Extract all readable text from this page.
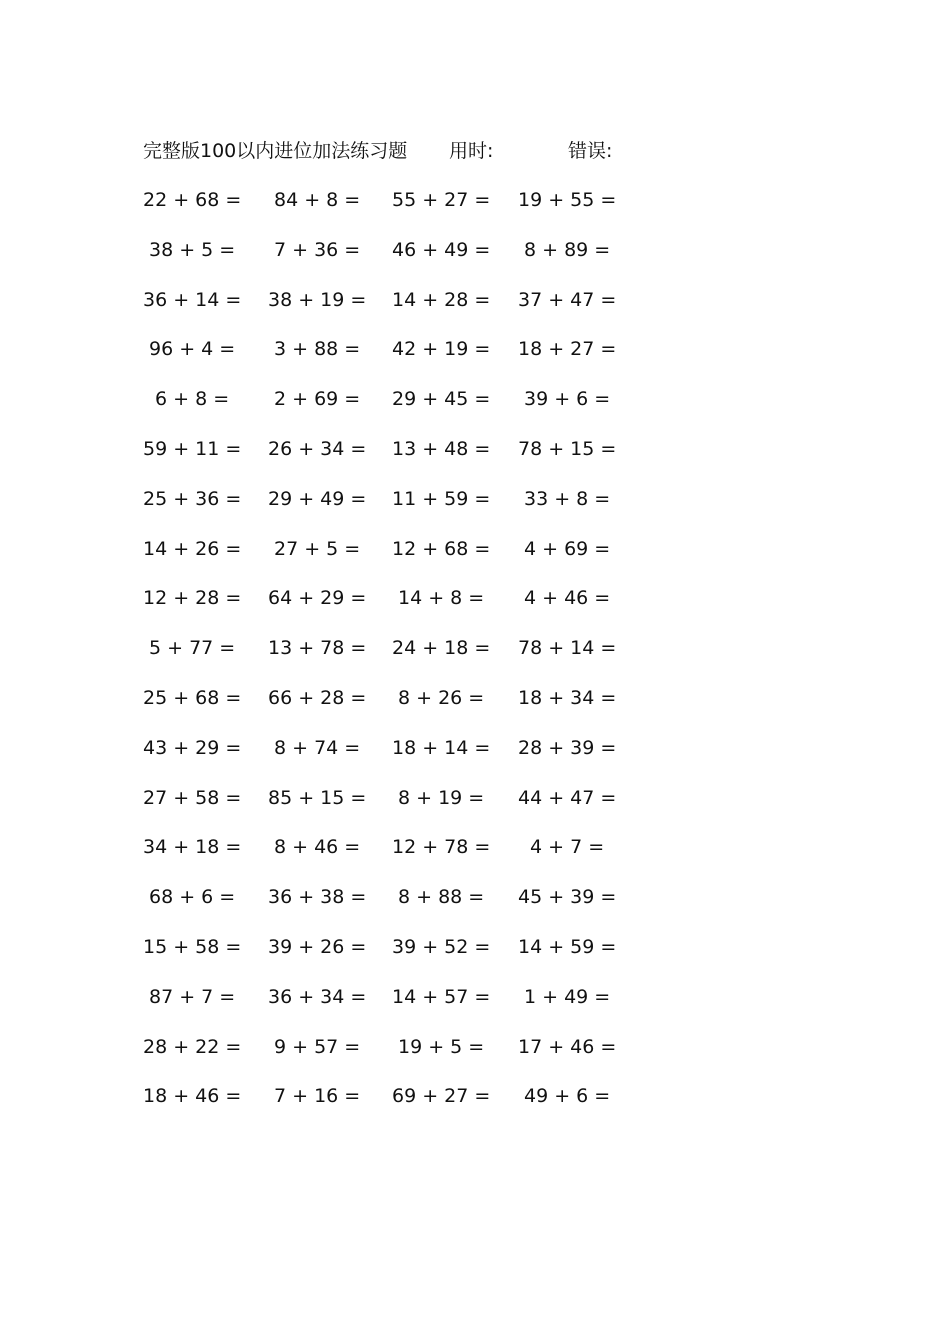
完整版100以内进位加法练习题 用时:	错误:
22 + 68 =	84 + 8 =	55 + 27 =	19 + 55 =
38 + 5 =	7 + 36 =	46 + 49 =	8 + 89 =
36 + 14 =	38 + 19 =	14 + 28 =	37 + 47 =
96 + 4 =	3 + 88 =	42 + 19 =	18 + 27 =
6 + 8 =	2 + 69 =	29 + 45 =	39 + 6 =
59 + 11 =	26 + 34 =	13 + 48 =	78 + 15 =
25 + 36 =	29 + 49 =	11 + 59 =	33 + 8 =
14 + 26 =	27 + 5 =	12 + 68 =	4 + 69 =
12 + 28 =	64 + 29 =	14 + 8 =	4 + 46 =
5 + 77 =	13 + 78 =	24 + 18 =	78 + 14 =
25 + 68 =	66 + 28 =	8 + 26 =	18 + 34 =
43 + 29 =	8 + 74 =	18 + 14 =	28 + 39 =
27 + 58 =	85 + 15 =	8 + 19 =	44 + 47 =
34 + 18 =	8 + 46 =	12 + 78 =	4 + 7 =
68 + 6 =	36 + 38 =	8 + 88 =	45 + 39 =
15 + 58 =	39 + 26 =	39 + 52 =	14 + 59 =
87 + 7 =	36 + 34 =	14 + 57 =	1 + 49 =
28 + 22 =	9 + 57 =	19 + 5 =	17 + 46 =
18 + 46 =	7 + 16 =	69 + 27 =	49 + 6 =
